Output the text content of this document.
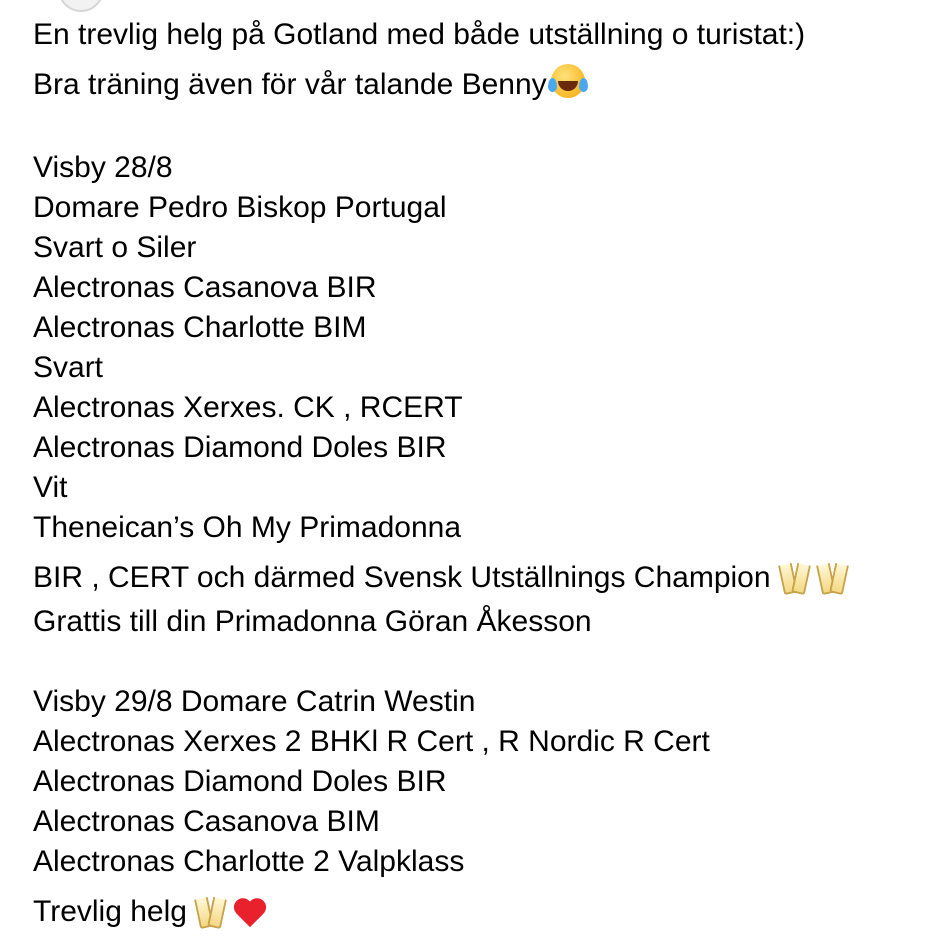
En trevlig helg på Gotland med både utställning o turistat:)
Bra träning även för vår talande Benny
Visby 28/8
Domare Pedro Biskop Portugal
Svart o Siler
Alectronas Casanova BIR
Alectronas Charlotte BIM
Svart
Alectronas Xerxes. CK , RCERT
Alectronas Diamond Doles BIR
Vit
Theneican’s Oh My Primadonna
BIR , CERT och därmed Svensk Utställnings Champion
Grattis till din Primadonna Göran Åkesson
Visby 29/8 Domare Catrin Westin
Alectronas Xerxes 2 BHKl R Cert , R Nordic R Cert
Alectronas Diamond Doles BIR
Alectronas Casanova BIM
Alectronas Charlotte 2 Valpklass
Trevlig helg
